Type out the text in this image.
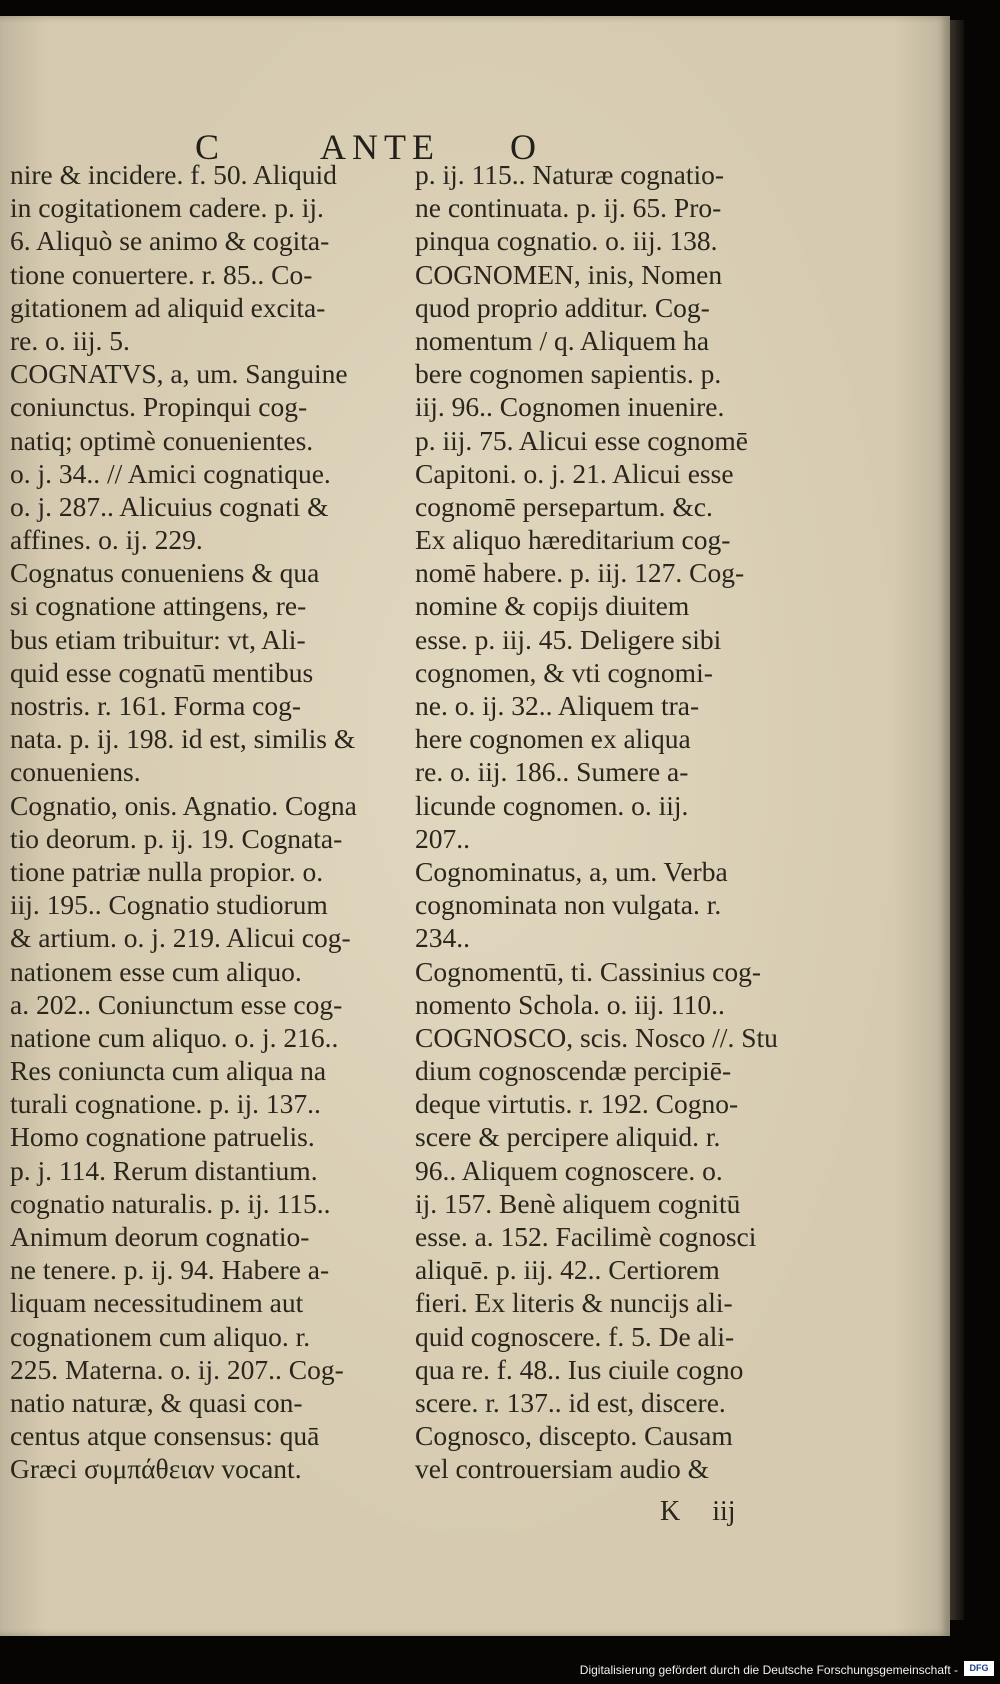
C	ANTE O
nire & incidere. f. 50. Aliquid
in cogitationem cadere. p. ij.
6. Aliquò se animo & cogita-
tione conuertere. r. 85.. Co-
gitationem ad aliquid excita-
re. o. iij. 5.
COGNATVS, a, um. Sanguine
coniunctus. Propinqui cog-
natiq; optimè conuenientes.
o. j. 34.. // Amici cognatique.
o. j. 287.. Alicuius cognati &
affines. o. ij. 229.
Cognatus conueniens & qua
si cognatione attingens, re-
bus etiam tribuitur: vt, Ali-
quid esse cognatū mentibus
nostris. r. 161. Forma cog-
nata. p. ij. 198. id est, similis &
conueniens.
Cognatio, onis. Agnatio. Cogna
tio deorum. p. ij. 19. Cognata-
tione patriæ nulla propior. o.
iij. 195.. Cognatio studiorum
& artium. o. j. 219. Alicui cog-
nationem esse cum aliquo.
a. 202.. Coniunctum esse cog-
natione cum aliquo. o. j. 216..
Res coniuncta cum aliqua na
turali cognatione. p. ij. 137..
Homo cognatione patruelis.
p. j. 114. Rerum distantium.
cognatio naturalis. p. ij. 115..
Animum deorum cognatio-
ne tenere. p. ij. 94. Habere a-
liquam necessitudinem aut
cognationem cum aliquo. r.
225. Materna. o. ij. 207.. Cog-
natio naturæ, & quasi con-
centus atque consensus: quā
Græci συμπάθειαν vocant.
p. ij. 115.. Naturæ cognatio-
ne continuata. p. ij. 65. Pro-
pinqua cognatio. o. iij. 138.
COGNOMEN, inis, Nomen
quod proprio additur. Cog-
nomentum / q. Aliquem ha
bere cognomen sapientis. p.
iij. 96.. Cognomen inuenire.
p. iij. 75. Alicui esse cognomē
Capitoni. o. j. 21. Alicui esse
cognomē persepartum. &c.
Ex aliquo hæreditarium cog-
nomē habere. p. iij. 127. Cog-
nomine & copijs diuitem
esse. p. iij. 45. Deligere sibi
cognomen, & vti cognomi-
ne. o. ij. 32.. Aliquem tra-
here cognomen ex aliqua
re. o. iij. 186.. Sumere a-
licunde cognomen. o. iij.
207..
Cognominatus, a, um. Verba
cognominata non vulgata. r.
234..
Cognomentū, ti. Cassinius cog-
nomento Schola. o. iij. 110..
COGNOSCO, scis. Nosco //. Stu
dium cognoscendæ percipiē-
deque virtutis. r. 192. Cogno-
scere & percipere aliquid. r.
96.. Aliquem cognoscere. o.
ij. 157. Benè aliquem cognitū
esse. a. 152. Facilimè cognosci
aliquē. p. iij. 42.. Certiorem
fieri. Ex literis & nuncijs ali-
quid cognoscere. f. 5. De ali-
qua re. f. 48.. Ius ciuile cogno
scere. r. 137.. id est, discere.
Cognosco, discepto. Causam
vel controuersiam audio &
K iij
Digitalisierung gefördert durch die Deutsche Forschungsgemeinschaft -	DFG
